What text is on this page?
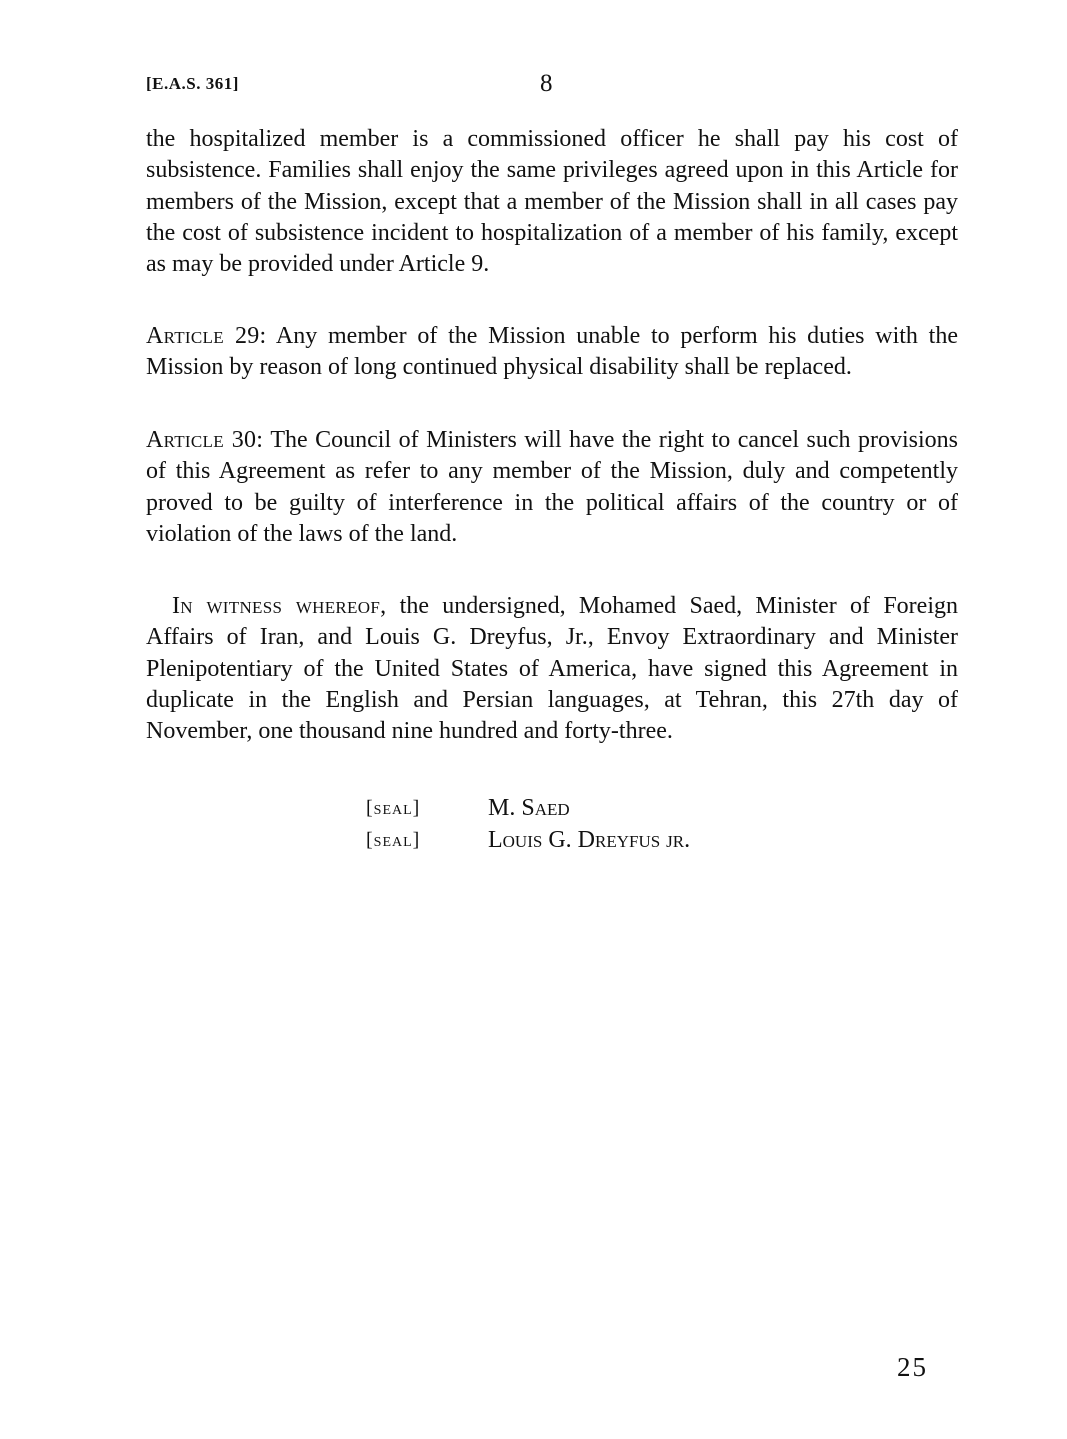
[E.A.S. 361]	8

the hospitalized member is a commissioned officer he shall pay his cost of subsistence. Families shall enjoy the same privileges agreed upon in this Article for members of the Mission, except that a member of the Mission shall in all cases pay the cost of subsistence incident to hospitalization of a member of his family, except as may be provided under Article 9.

Article 29: Any member of the Mission unable to perform his duties with the Mission by reason of long continued physical disability shall be replaced.

Article 30: The Council of Ministers will have the right to cancel such provisions of this Agreement as refer to any member of the Mission, duly and competently proved to be guilty of interference in the political affairs of the country or of violation of the laws of the land.

In witness whereof, the undersigned, Mohamed Saed, Minister of Foreign Affairs of Iran, and Louis G. Dreyfus, Jr., Envoy Extraordinary and Minister Plenipotentiary of the United States of America, have signed this Agreement in duplicate in the English and Persian languages, at Tehran, this 27th day of November, one thousand nine hundred and forty-three.

[seal]	M. Saed
[seal]	Louis G. Dreyfus jr.
25
